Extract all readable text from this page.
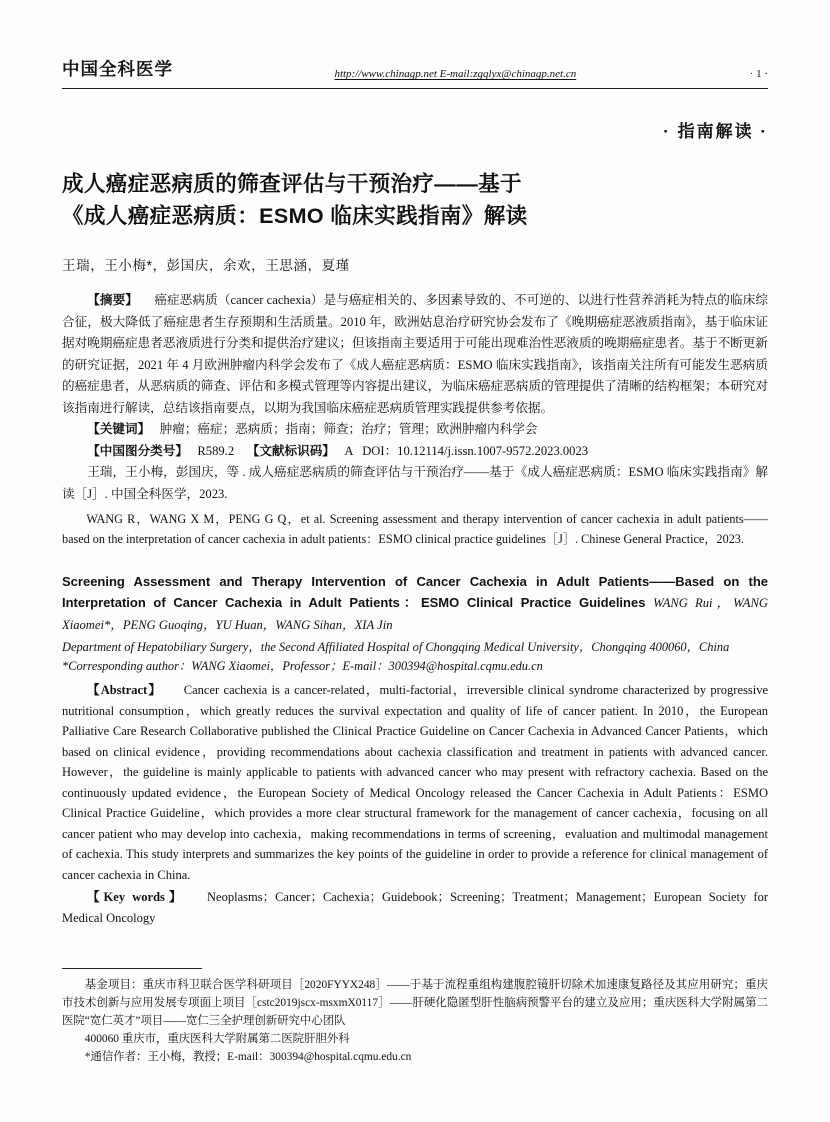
中国全科医学	http://www.chinagp.net E-mail:zgqlyx@chinagp.net.cn	· 1 ·
· 指南解读 ·
成人癌症恶病质的筛查评估与干预治疗——基于
《成人癌症恶病质：ESMO 临床实践指南》解读
王瑞，王小梅*，彭国庆，余欢，王思涵，夏瑾

【摘要】 癌症恶病质（cancer cachexia）是与癌症相关的、多因素导致的、不可逆的、以进行性营养消耗为特点的临床综合征，极大降低了癌症患者生存预期和生活质量。2010 年，欧洲姑息治疗研究协会发布了《晚期癌症恶液质指南》，基于临床证据对晚期癌症患者恶液质进行分类和提供治疗建议；但该指南主要适用于可能出现难治性恶液质的晚期癌症患者。基于不断更新的研究证据，2021 年 4 月欧洲肿瘤内科学会发布了《成人癌症恶病质：ESMO 临床实践指南》，该指南关注所有可能发生恶病质的癌症患者，从恶病质的筛查、评估和多模式管理等内容提出建议，为临床癌症恶病质的管理提供了清晰的结构框架；本研究对该指南进行解读，总结该指南要点，以期为我国临床癌症恶病质管理实践提供参考依据。

【关键词】 肿瘤；癌症；恶病质；指南；筛查；治疗；管理；欧洲肿瘤内科学会

【中国图分类号】 R589.2 【文献标识码】 A DOI：10.12114/j.issn.1007-9572.2023.0023

王瑞，王小梅，彭国庆，等 . 成人癌症恶病质的筛查评估与干预治疗——基于《成人癌症恶病质：ESMO 临床实践指南》解读［J］. 中国全科医学，2023.

WANG R，WANG X M，PENG G Q，et al. Screening assessment and therapy intervention of cancer cachexia in adult patients——based on the interpretation of cancer cachexia in adult patients：ESMO clinical practice guidelines［J］. Chinese General Practice，2023.
Screening Assessment and Therapy Intervention of Cancer Cachexia in Adult Patients——Based on the Interpretation of Cancer Cachexia in Adult Patients：ESMO Clinical Practice Guidelines WANG Rui，WANG Xiaomei*，PENG Guoqing，YU Huan，WANG Sihan，XIA Jin
Department of Hepatobiliary Surgery，the Second Affiliated Hospital of Chongqing Medical University，Chongqing 400060，China
*Corresponding author：WANG Xiaomei，Professor；E-mail：300394@hospital.cqmu.edu.cn
【Abstract】 Cancer cachexia is a cancer-related，multi-factorial，irreversible clinical syndrome characterized by progressive nutritional consumption，which greatly reduces the survival expectation and quality of life of cancer patient. In 2010，the European Palliative Care Research Collaborative published the Clinical Practice Guideline on Cancer Cachexia in Advanced Cancer Patients，which based on clinical evidence，providing recommendations about cachexia classification and treatment in patients with advanced cancer. However，the guideline is mainly applicable to patients with advanced cancer who may present with refractory cachexia. Based on the continuously updated evidence，the European Society of Medical Oncology released the Cancer Cachexia in Adult Patients：ESMO Clinical Practice Guideline，which provides a more clear structural framework for the management of cancer cachexia，focusing on all cancer patient who may develop into cachexia，making recommendations in terms of screening，evaluation and multimodal management of cachexia. This study interprets and summarizes the key points of the guideline in order to provide a reference for clinical management of cancer cachexia in China.
【Key words】 Neoplasms；Cancer；Cachexia；Guidebook；Screening；Treatment；Management；European Society for Medical Oncology

基金项目：重庆市科卫联合医学科研项目［2020FYYX248］——于基于流程重组构建腹腔镜肝切除术加速康复路径及其应用研究；重庆市技术创新与应用发展专项面上项目［cstc2019jscx-msxmX0117］——肝硬化隐匿型肝性脑病预警平台的建立及应用；重庆医科大学附属第二医院“宽仁英才”项目——宽仁三全护理创新研究中心团队

400060 重庆市，重庆医科大学附属第二医院肝胆外科

*通信作者：王小梅，教授；E-mail：300394@hospital.cqmu.edu.cn
